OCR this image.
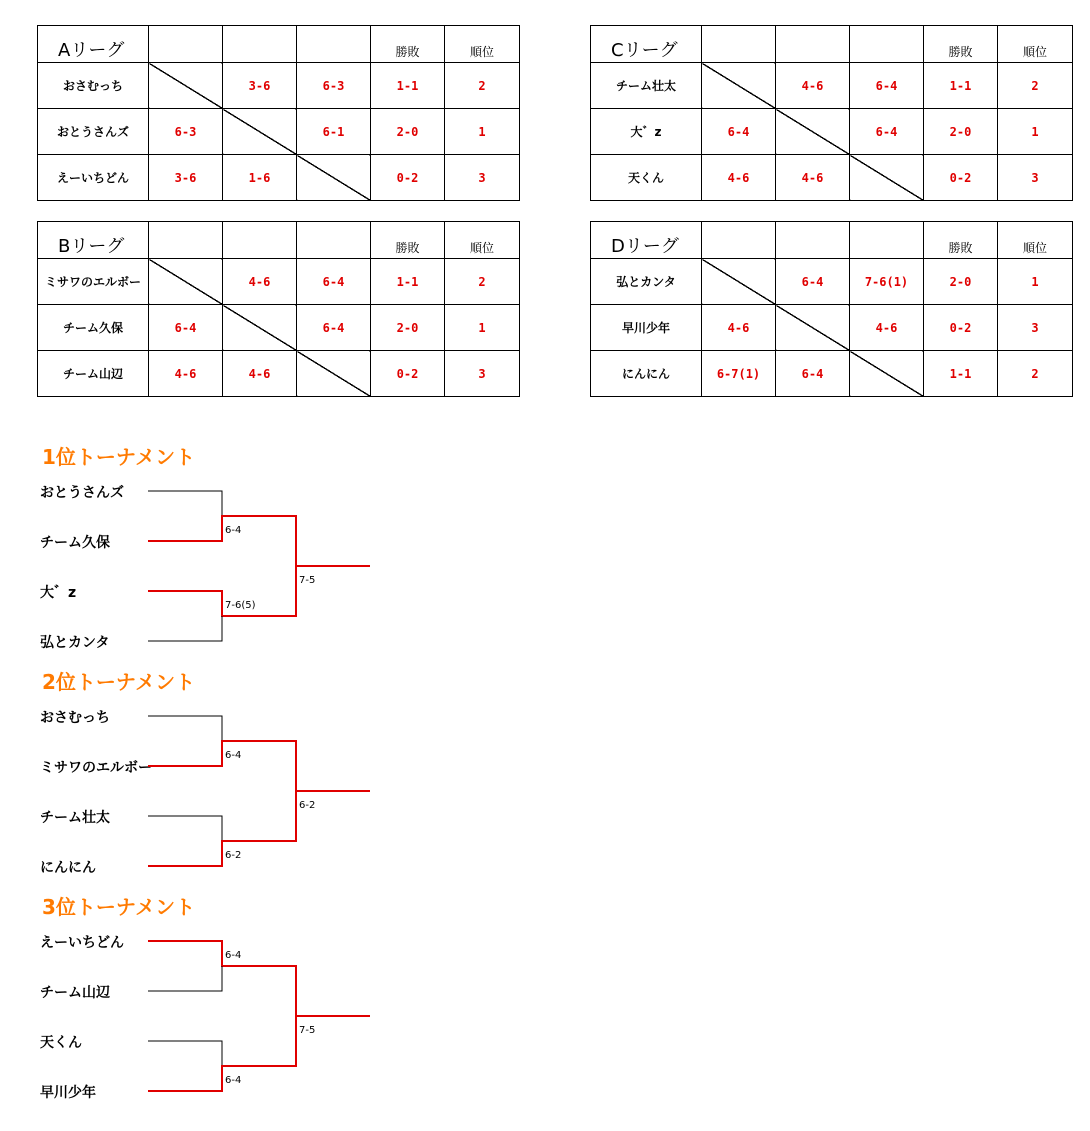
Aリーグ				勝敗	順位
おさむっち		3-6	6-3	1-1	2
おとうさんズ	6-3		6-1	2-0	1
えーいちどん	3-6	1-6		0-2	3
Cリーグ				勝敗	順位
チーム壮太		4-6	6-4	1-1	2
大゛z	6-4		6-4	2-0	1
天くん	4-6	4-6		0-2	3
Bリーグ				勝敗	順位
ミサワのエルボー		4-6	6-4	1-1	2
チーム久保	6-4		6-4	2-0	1
チーム山辺	4-6	4-6		0-2	3
Dリーグ				勝敗	順位
弘とカンタ		6-4	7-6(1)	2-0	1
早川少年	4-6		4-6	0-2	3
にんにん	6-7(1)	6-4		1-1	2
1位トーナメント
おとうさんズ
チーム久保
大゛z
弘とカンタ
2位トーナメント
おさむっち
ミサワのエルボー
チーム壮太
にんにん
3位トーナメント
えーいちどん
チーム山辺
天くん
早川少年
6-4
7-6(5)
7-5
6-4
6-2
6-2
6-4
6-4
7-5
